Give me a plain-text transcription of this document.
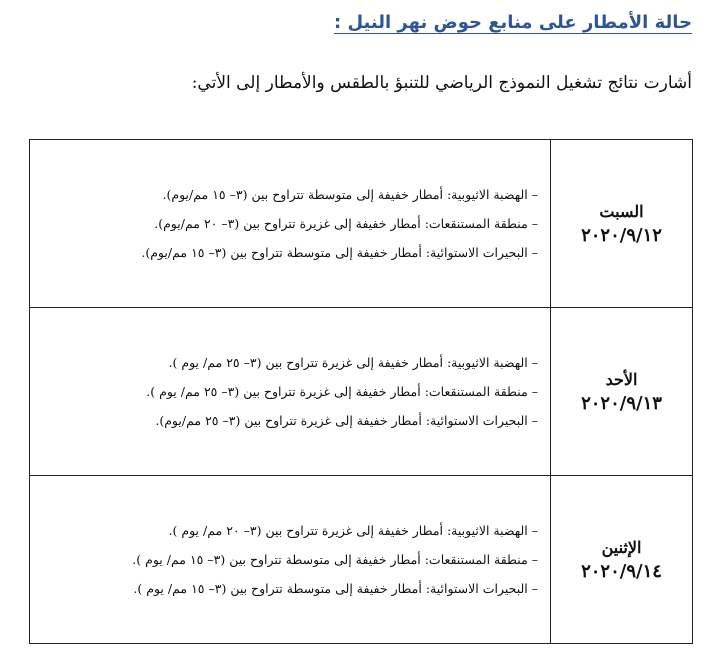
حالة الأمطار على منابع حوض نهر النيل :
أشارت نتائج تشغيل النموذج الرياضي للتنبؤ بالطقس والأمطار إلى الأتي:
السبت
٢٠٢٠/٩/١٢	– الهضبة الاثيوبية: أمطار خفيفة إلى متوسطة تتراوح بين (٣– ١٥ مم/يوم).
– منطقة المستنقعات: أمطار خفيفة إلى غزيرة تتراوح بين (٣– ٢٠ مم/يوم).
– البحيرات الاستوائية: أمطار خفيفة إلى متوسطة تتراوح بين (٣– ١٥ مم/يوم).

الأحد
٢٠٢٠/٩/١٣	– الهضبة الاثيوبية: أمطار خفيفة إلى غزيرة تتراوح بين (٣– ٢٥ مم/ يوم ).
– منطقة المستنقعات: أمطار خفيفة إلى غزيرة تتراوح بين (٣– ٢٥ مم/ يوم ).
– البحيرات الاستوائية: أمطار خفيفة إلى غزيرة تتراوح بين (٣– ٢٥ مم/يوم).

الإثنين
٢٠٢٠/٩/١٤	– الهضبة الاثيوبية: أمطار خفيفة إلى غزيرة تتراوح بين (٣– ٢٠ مم/ يوم ).
– منطقة المستنقعات: أمطار خفيفة إلى متوسطة تتراوح بين (٣– ١٥ مم/ يوم ).
– البحيرات الاستوائية: أمطار خفيفة إلى متوسطة تتراوح بين (٣– ١٥ مم/ يوم ).
